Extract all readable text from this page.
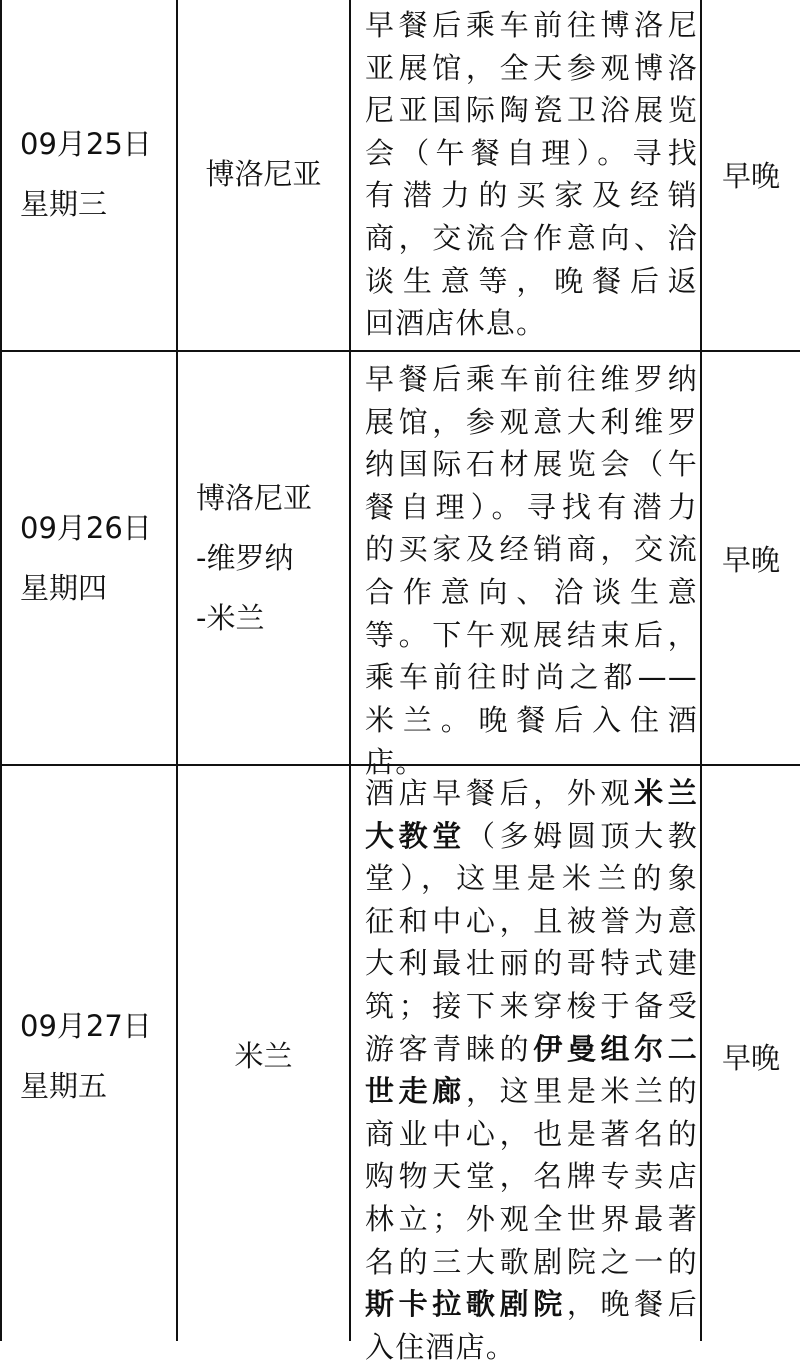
09月25日
星期三
博洛尼亚
早餐后乘车前往博洛尼
亚展馆，全天参观博洛
尼亚国际陶瓷卫浴展览
会（午餐自理）。寻找
有潜力的买家及经销
商，交流合作意向、洽
谈生意等，晚餐后返
回酒店休息。
早晚
09月26日
星期四
博洛尼亚
-维罗纳
-米兰
早餐后乘车前往维罗纳
展馆，参观意大利维罗
纳国际石材展览会（午
餐自理）。寻找有潜力
的买家及经销商，交流
合作意向、洽谈生意
等。下午观展结束后，
乘车前往时尚之都——
米兰。晚餐后入住酒
店。
早晚
09月27日
星期五
米兰
酒店早餐后，外观米兰
大教堂（多姆圆顶大教
堂），这里是米兰的象
征和中心，且被誉为意
大利最壮丽的哥特式建
筑；接下来穿梭于备受
游客青睐的伊曼组尔二
世走廊，这里是米兰的
商业中心，也是著名的
购物天堂，名牌专卖店
林立；外观全世界最著
名的三大歌剧院之一的
斯卡拉歌剧院，晚餐后
入住酒店。
早晚
